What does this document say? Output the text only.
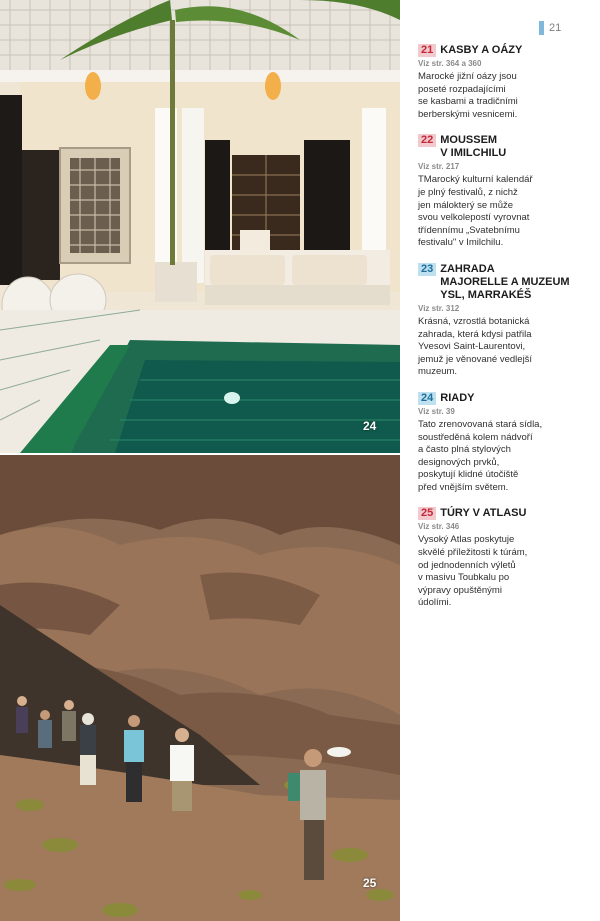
24
25
21
21 KASBY A OÁZY
Viz str. 364 a 360
Marocké jižní oázy jsou
poseté rozpadajícími
se kasbami a tradičními
berberskými vesnicemi.
22 MOUSSEM
V IMILCHILU
Viz str. 217
TMarocký kulturní kalendář
je plný festivalů, z nichž
jen málokterý se může
svou velkolepostí vyrovnat
třídennímu „Svatebnímu
festivalu" v Imilchilu.
23 ZAHRADA
MAJORELLE A MUZEUM
YSL, MARRAKÉŠ
Viz str. 312
Krásná, vzrostlá botanická
zahrada, která kdysi patřila
Yvesovi Saint-Laurentovi,
jemuž je věnované vedlejší
muzeum.
24 RIADY
Viz str. 39
Tato zrenovovaná stará sídla,
soustředěná kolem nádvoří
a často plná stylových
designových prvků,
poskytují klidné útočiště
před vnějším světem.
25 TÚRY V ATLASU
Viz str. 346
Vysoký Atlas poskytuje
skvělé příležitosti k túrám,
od jednodenních výletů
v masivu Toubkalu po
výpravy opuštěnými
údolími.
